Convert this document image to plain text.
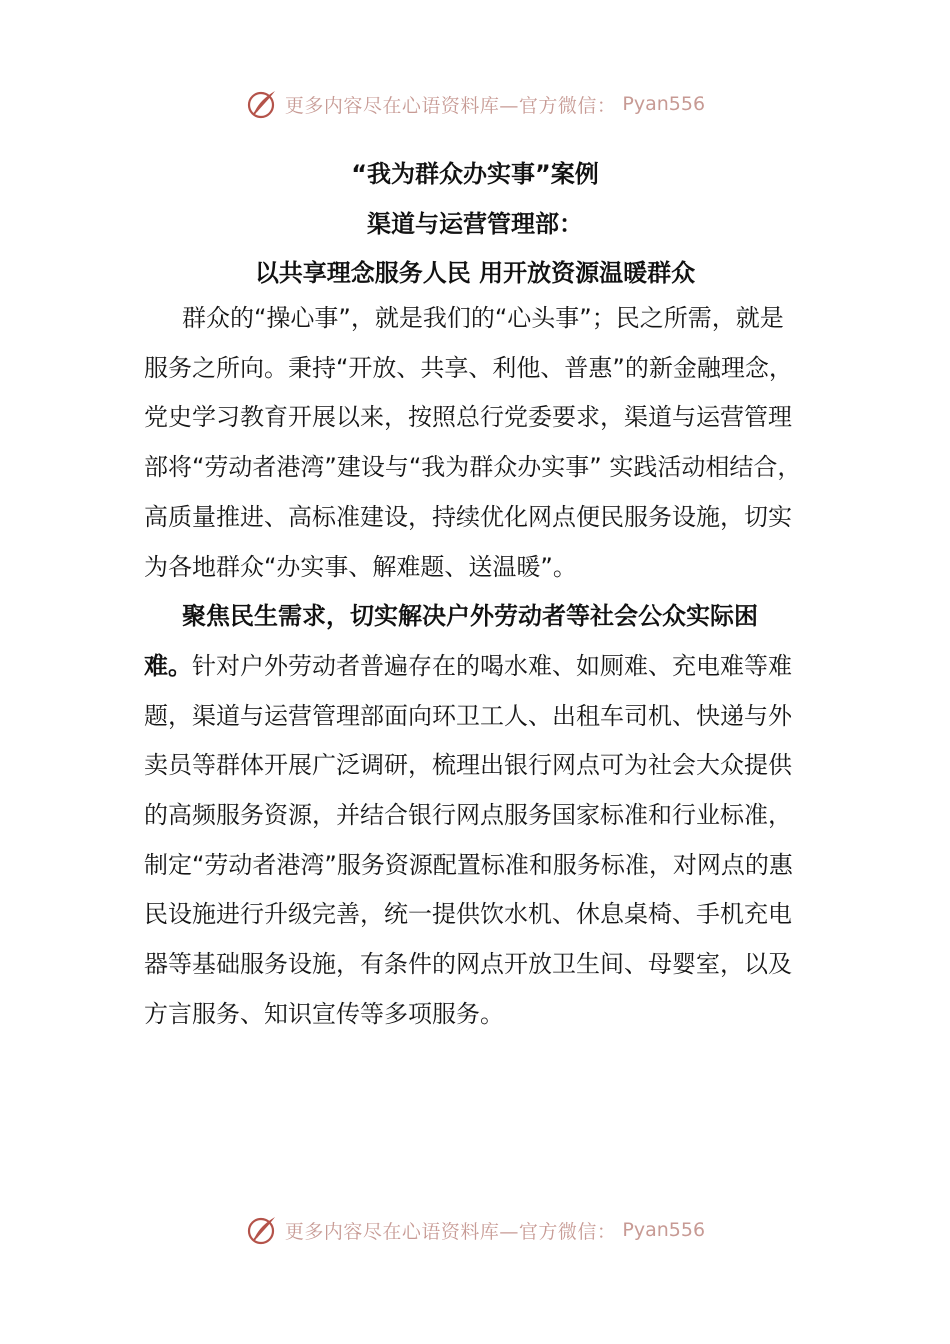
更多内容尽在心语资料库—官方微信： Pyan556
“我为群众办实事”案例
渠道与运营管理部：
以共享理念服务人民 用开放资源温暖群众

群众的“操心事”，就是我们的“心头事”；民之所需，就是服务之所向。秉持“开放、共享、利他、普惠”的新金融理念，党史学习教育开展以来，按照总行党委要求，渠道与运营管理部将“劳动者港湾”建设与“我为群众办实事” 实践活动相结合，高质量推进、高标准建设，持续优化网点便民服务设施，切实为各地群众“办实事、解难题、送温暖”。

聚焦民生需求，切实解决户外劳动者等社会公众实际困难。针对户外劳动者普遍存在的喝水难、如厕难、充电难等难题，渠道与运营管理部面向环卫工人、出租车司机、快递与外卖员等群体开展广泛调研，梳理出银行网点可为社会大众提供的高频服务资源，并结合银行网点服务国家标准和行业标准，制定“劳动者港湾”服务资源配置标准和服务标准，对网点的惠民设施进行升级完善，统一提供饮水机、休息桌椅、手机充电器等基础服务设施，有条件的网点开放卫生间、母婴室，以及方言服务、知识宣传等多项服务。

更多内容尽在心语资料库—官方微信： Pyan556
